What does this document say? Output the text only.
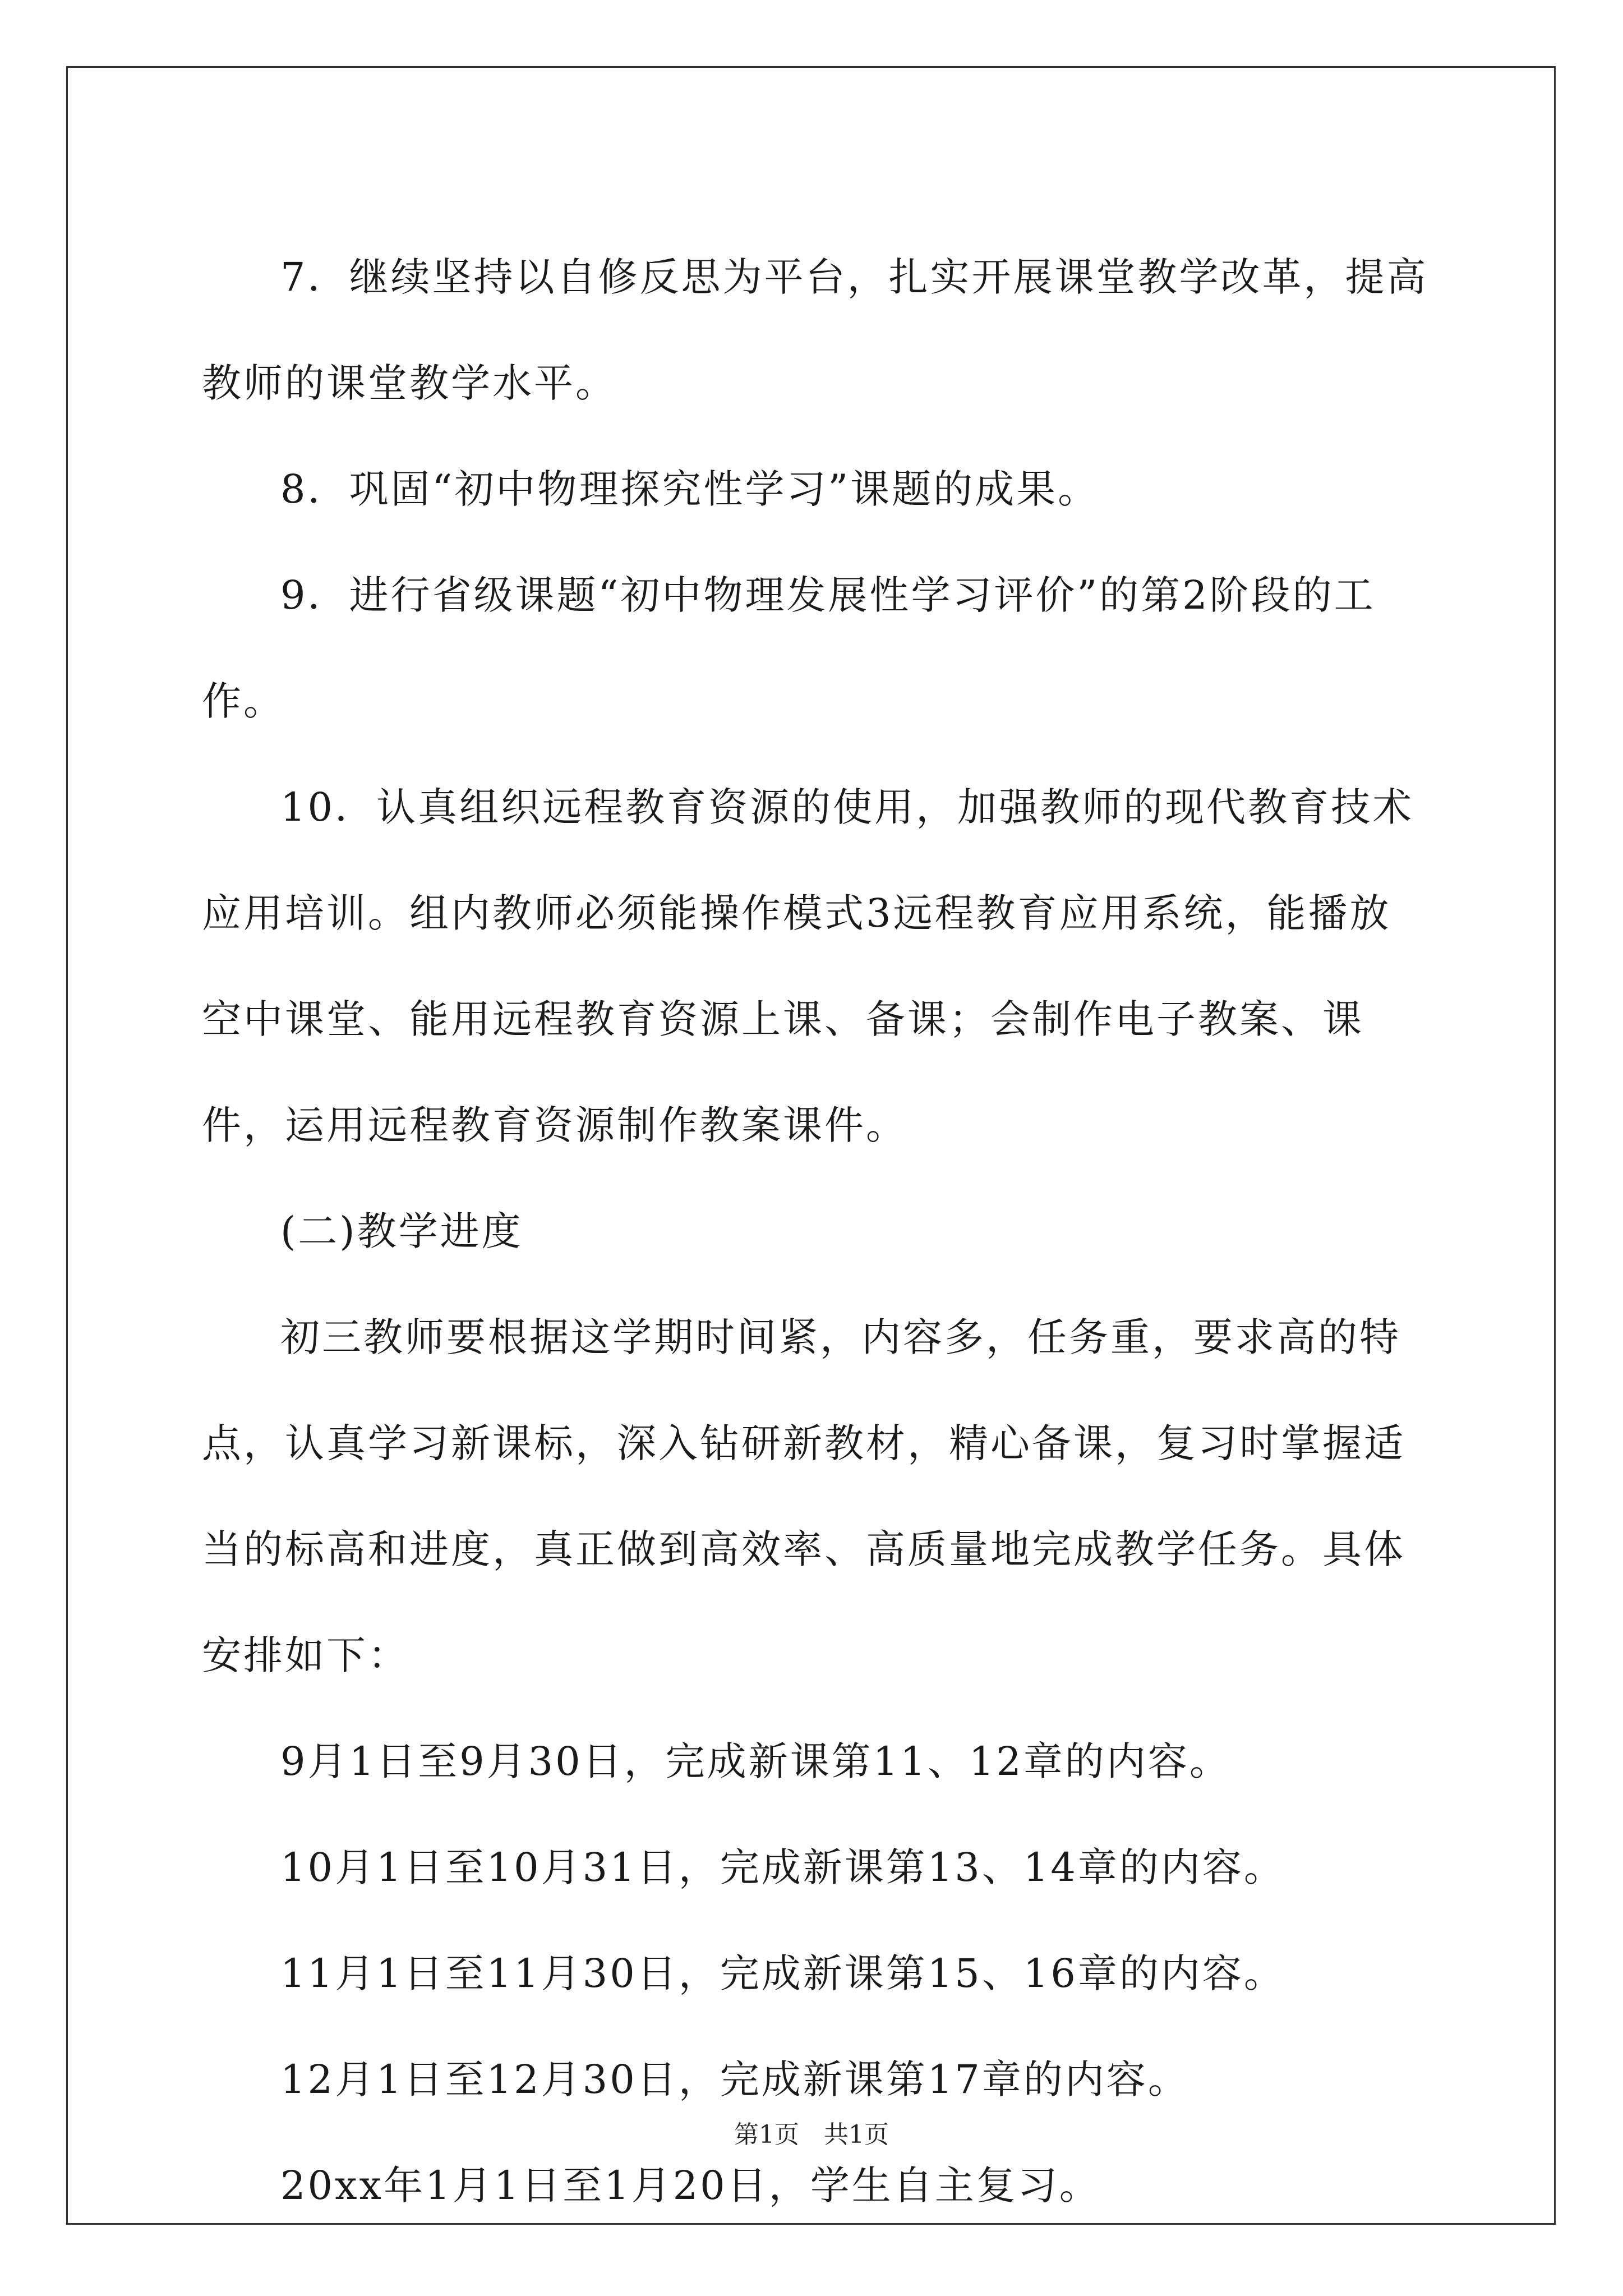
7．继续坚持以自修反思为平台，扎实开展课堂教学改革，提高教师的课堂教学水平。

8．巩固“初中物理探究性学习”课题的成果。

9．进行省级课题“初中物理发展性学习评价”的第2阶段的工作。

10．认真组织远程教育资源的使用，加强教师的现代教育技术应用培训。组内教师必须能操作模式3远程教育应用系统，能播放空中课堂、能用远程教育资源上课、备课；会制作电子教案、课件，运用远程教育资源制作教案课件。

(二)教学进度

初三教师要根据这学期时间紧，内容多，任务重，要求高的特点，认真学习新课标，深入钻研新教材，精心备课，复习时掌握适当的标高和进度，真正做到高效率、高质量地完成教学任务。具体安排如下：

9月1日至9月30日，完成新课第11、12章的内容。

10月1日至10月31日，完成新课第13、14章的内容。

11月1日至11月30日，完成新课第15、16章的内容。

12月1日至12月30日，完成新课第17章的内容。

20xx年1月1日至1月20日，学生自主复习。

第1页　共1页
